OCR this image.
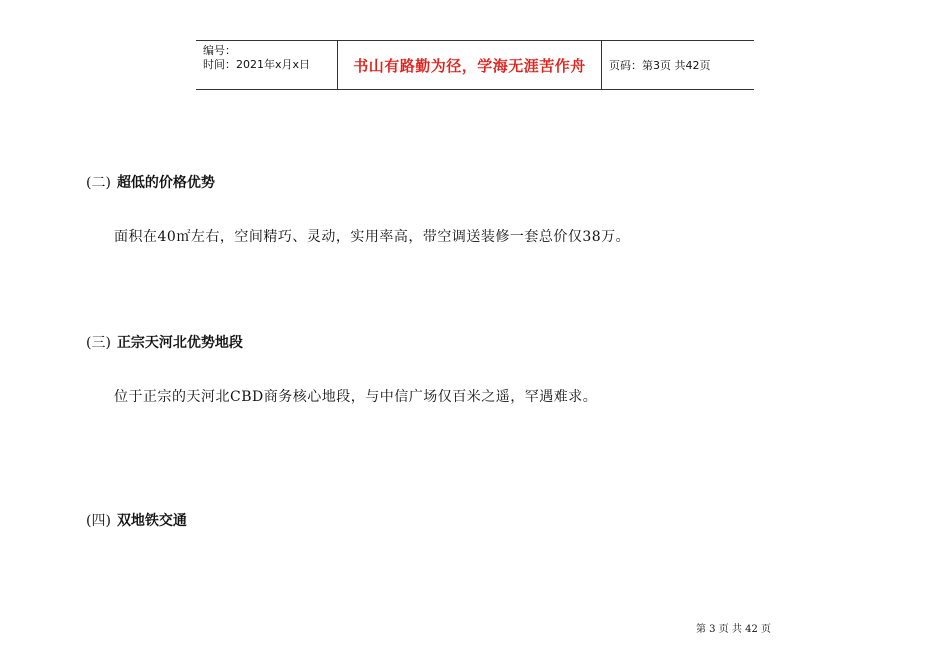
编号：
时间：2021年x月x日	书山有路勤为径，学海无涯苦作舟	页码：第3页 共42页
(二) 超低的价格优势
面积在40㎡左右，空间精巧、灵动，实用率高，带空调送装修一套总价仅38万。
(三) 正宗天河北优势地段
位于正宗的天河北CBD商务核心地段，与中信广场仅百米之遥，罕遇难求。
(四) 双地铁交通
第 3 页 共 42 页
